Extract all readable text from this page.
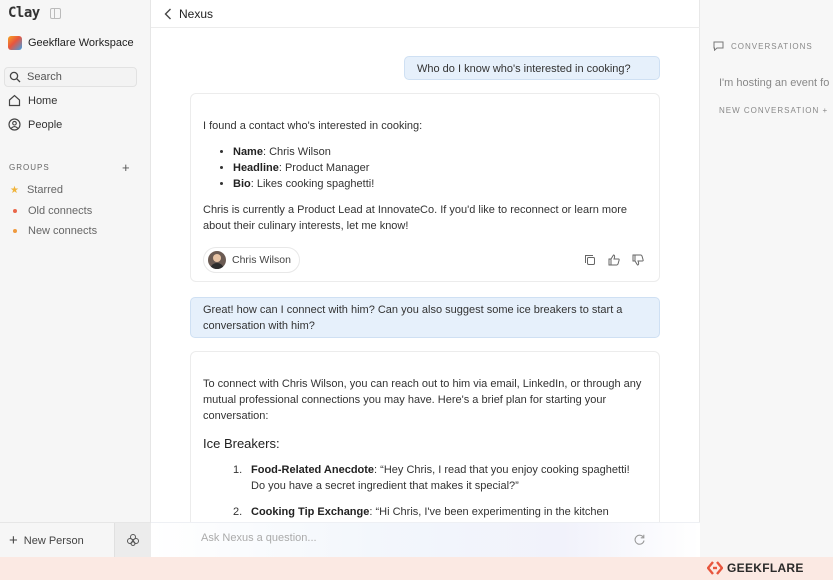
Clay
Geekflare Workspace
Search
Home
People
GROUPS	+
★ Starred
Old connects
New connects
+ New Person
Nexus
Who do I know who's interested in cooking?

I found a contact who's interested in cooking:

• Name: Chris Wilson
• Headline: Product Manager
• Bio: Likes cooking spaghetti!

Chris is currently a Product Lead at InnovateCo. If you'd like to reconnect or learn more about their culinary interests, let me know!

Chris Wilson
Great! how can I connect with him? Can you also suggest some ice breakers to start a conversation with him?

To connect with Chris Wilson, you can reach out to him via email, LinkedIn, or through any mutual professional connections you may have. Here's a brief plan for starting your conversation:

Ice Breakers:
1. Food-Related Anecdote: “Hey Chris, I read that you enjoy cooking spaghetti! Do you have a secret ingredient that makes it special?”
2. Cooking Tip Exchange: “Hi Chris, I've been experimenting in the kitchen
Ask Nexus a question...
CONVERSATIONS
I'm hosting an event fo
NEW CONVERSATION +
GEEKFLARE
